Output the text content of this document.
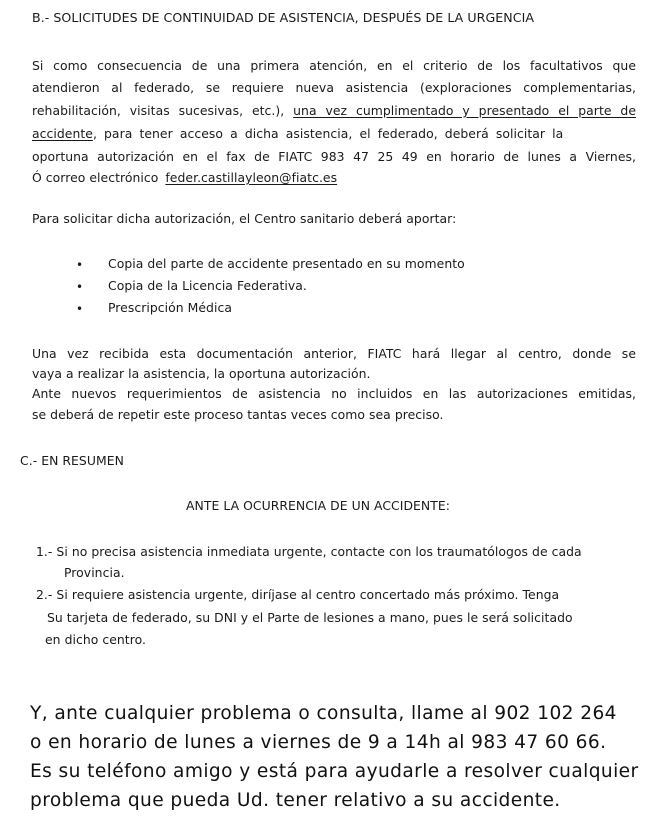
B.- SOLICITUDES DE CONTINUIDAD DE ASISTENCIA, DESPUÉS DE LA URGENCIA
Si como consecuencia de una primera atención, en el criterio de los facultativos que
atendieron al federado, se requiere nueva asistencia (exploraciones complementarias,
rehabilitación, visitas sucesivas, etc.), una vez cumplimentado y presentado el parte de
accidente, para tener acceso a dicha asistencia, el federado, deberá solicitar la
oportuna autorización en el fax de FIATC 983 47 25 49 en horario de lunes a Viernes,
Ó correo electrónico feder.castillayleon@fiatc.es
Para solicitar dicha autorización, el Centro sanitario deberá aportar:
• Copia del parte de accidente presentado en su momento
• Copia de la Licencia Federativa.
• Prescripción Médica
Una vez recibida esta documentación anterior, FIATC hará llegar al centro, donde se
vaya a realizar la asistencia, la oportuna autorización.
Ante nuevos requerimientos de asistencia no incluidos en las autorizaciones emitidas,
se deberá de repetir este proceso tantas veces como sea preciso.
C.- EN RESUMEN
ANTE LA OCURRENCIA DE UN ACCIDENTE:
1.- Si no precisa asistencia inmediata urgente, contacte con los traumatólogos de cada
Provincia.
2.- Si requiere asistencia urgente, diríjase al centro concertado más próximo. Tenga
Su tarjeta de federado, su DNI y el Parte de lesiones a mano, pues le será solicitado
en dicho centro.
Y, ante cualquier problema o consulta, llame al 902 102 264
o en horario de lunes a viernes de 9 a 14h al 983 47 60 66.
Es su teléfono amigo y está para ayudarle a resolver cualquier
problema que pueda Ud. tener relativo a su accidente.
